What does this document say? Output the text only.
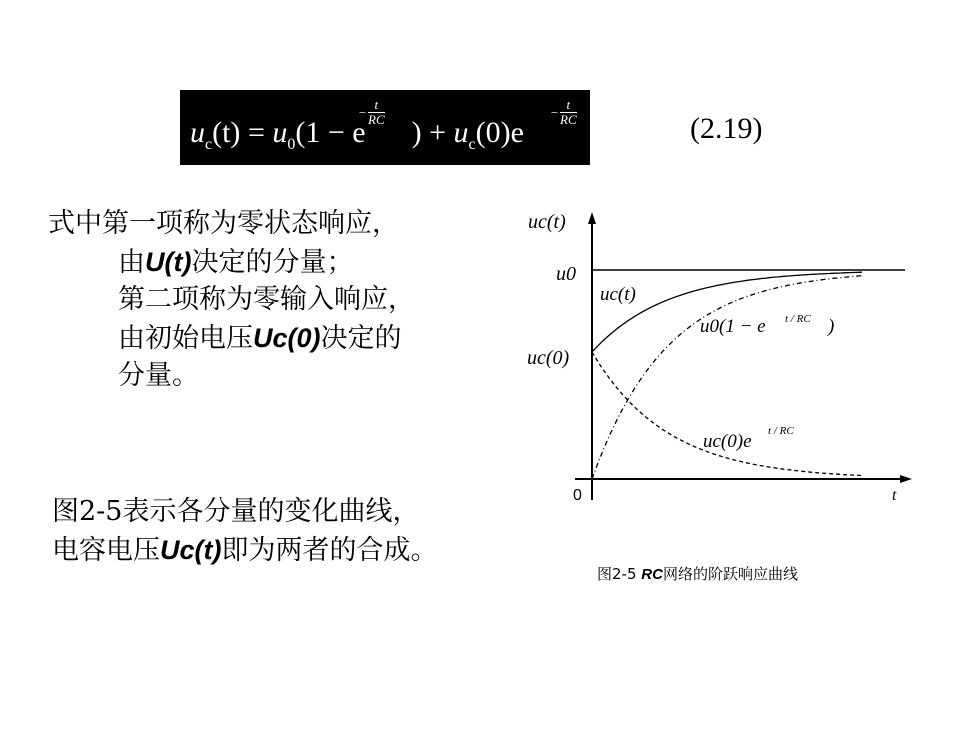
$u_c(t) = u_0(1 - e$ ) + $u_c(0)e$
−
t
RC	−
t
RC	(2.19)
式中第一项称为零状态响应，
由U(t)决定的分量；
第二项称为零输入响应，
由初始电压Uc(0)决定的
分量。
图2-5表示各分量的变化曲线，
电容电压Uc(t)即为两者的合成。
uc(t)
u0
uc(0)
0	t
uc(t)
u0(1 − e t / RC )
uc(0)e t / RC
图2-5 RC网络的阶跃响应曲线
